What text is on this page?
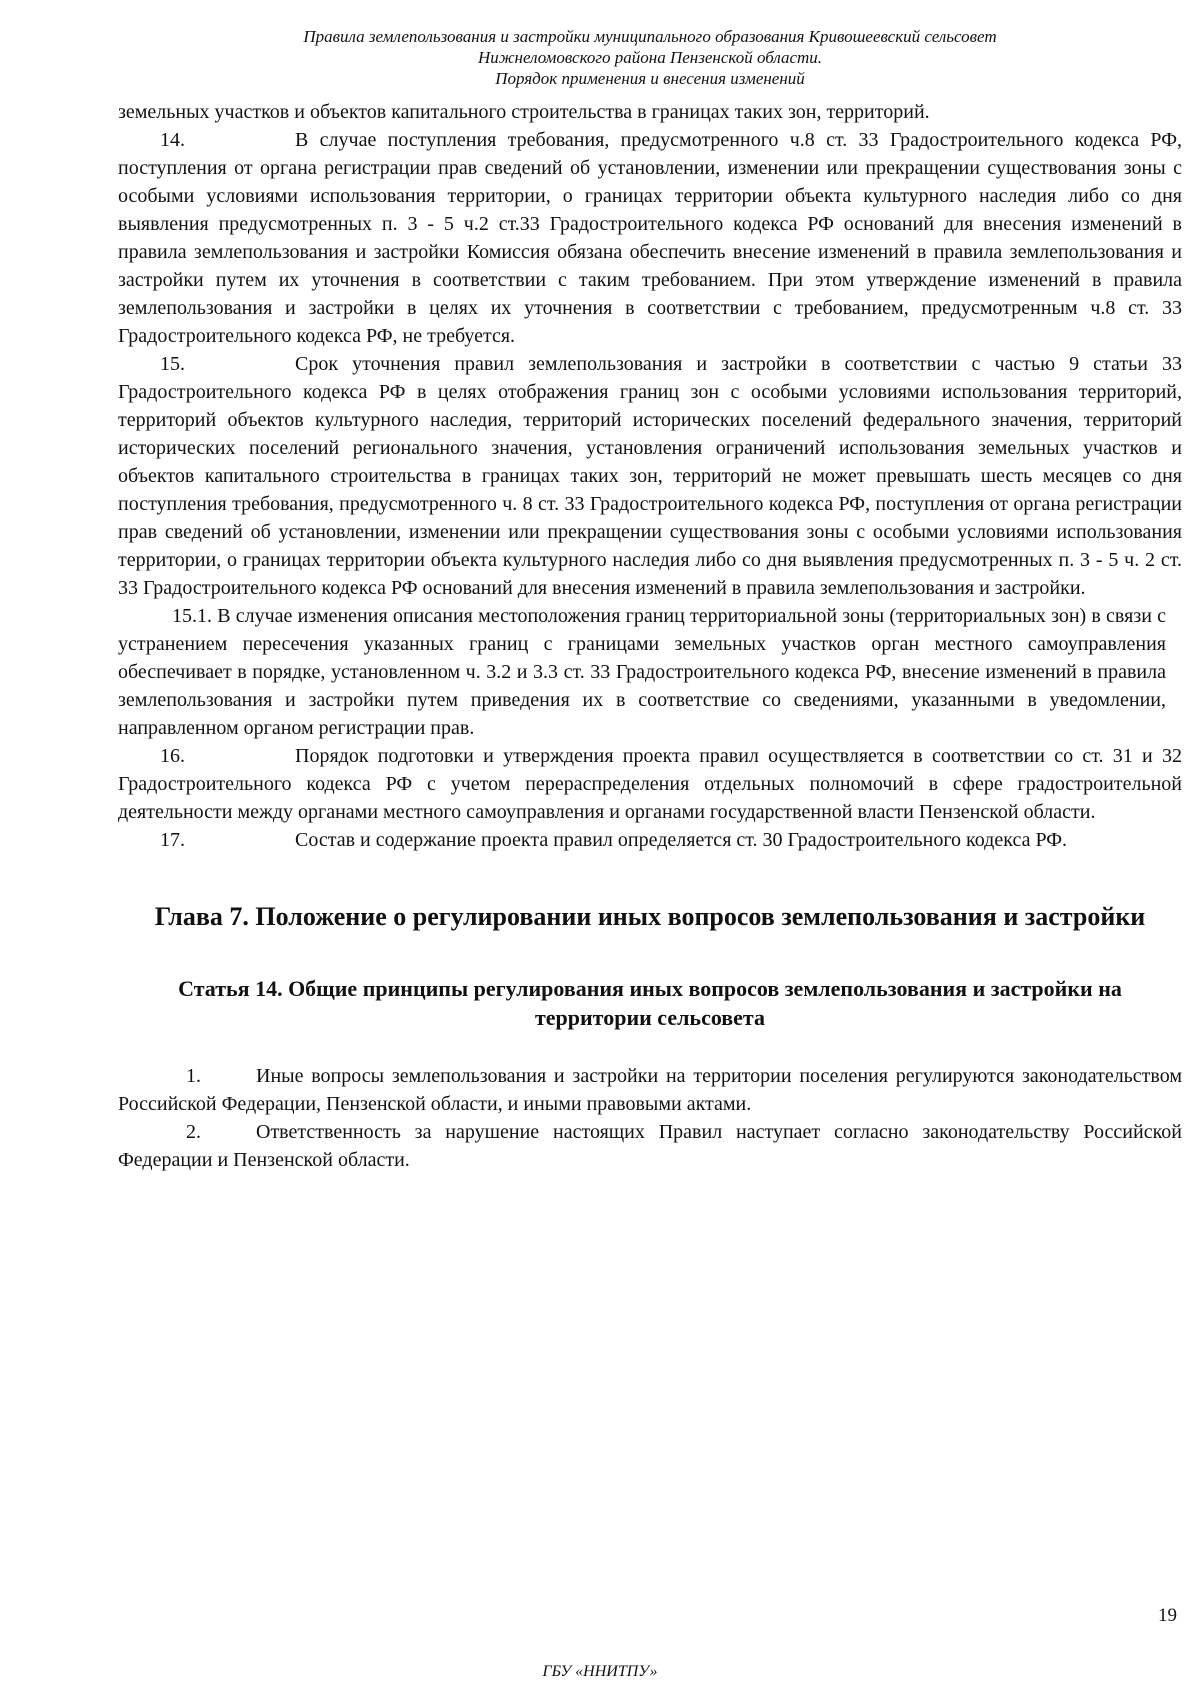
Правила землепользования и застройки муниципального образования Кривошеевский сельсовет
Нижнеломовского района Пензенской области.
Порядок применения и внесения изменений

земельных участков и объектов капитального строительства в границах таких зон, территорий.

14.	В случае поступления требования, предусмотренного ч.8 ст. 33 Градостроительного кодекса РФ, поступления от органа регистрации прав сведений об установлении, изменении или прекращении существования зоны с особыми условиями использования территории, о границах территории объекта культурного наследия либо со дня выявления предусмотренных п. 3 - 5 ч.2 ст.33 Градостроительного кодекса РФ оснований для внесения изменений в правила землепользования и застройки Комиссия обязана обеспечить внесение изменений в правила землепользования и застройки путем их уточнения в соответствии с таким требованием. При этом утверждение изменений в правила землепользования и застройки в целях их уточнения в соответствии с требованием, предусмотренным ч.8 ст. 33 Градостроительного кодекса РФ, не требуется.

15.	Срок уточнения правил землепользования и застройки в соответствии с частью 9 статьи 33 Градостроительного кодекса РФ в целях отображения границ зон с особыми условиями использования территорий, территорий объектов культурного наследия, территорий исторических поселений федерального значения, территорий исторических поселений регионального значения, установления ограничений использования земельных участков и объектов капитального строительства в границах таких зон, территорий не может превышать шесть месяцев со дня поступления требования, предусмотренного ч. 8 ст. 33 Градостроительного кодекса РФ, поступления от органа регистрации прав сведений об установлении, изменении или прекращении существования зоны с особыми условиями использования территории, о границах территории объекта культурного наследия либо со дня выявления предусмотренных п. 3 - 5 ч. 2 ст. 33 Градостроительного кодекса РФ оснований для внесения изменений в правила землепользования и застройки.

15.1. В случае изменения описания местоположения границ территориальной зоны (территориальных зон) в связи с устранением пересечения указанных границ с границами земельных участков орган местного самоуправления обеспечивает в порядке, установленном ч. 3.2 и 3.3 ст. 33 Градостроительного кодекса РФ, внесение изменений в правила землепользования и застройки путем приведения их в соответствие со сведениями, указанными в уведомлении, направленном органом регистрации прав.

16.	Порядок подготовки и утверждения проекта правил осуществляется в соответствии со ст. 31 и 32 Градостроительного кодекса РФ с учетом перераспределения отдельных полномочий в сфере градостроительной деятельности между органами местного самоуправления и органами государственной власти Пензенской области.

17.	Состав и содержание проекта правил определяется ст. 30 Градостроительного кодекса РФ.

Глава 7. Положение о регулировании иных вопросов землепользования и застройки
Статья 14. Общие принципы регулирования иных вопросов землепользования и застройки на территории сельсовета

1.	Иные вопросы землепользования и застройки на территории поселения регулируются законодательством Российской Федерации, Пензенской области, и иными правовыми актами.

2.	Ответственность за нарушение настоящих Правил наступает согласно законодательству Российской Федерации и Пензенской области.

19
ГБУ «ННИТПУ»
